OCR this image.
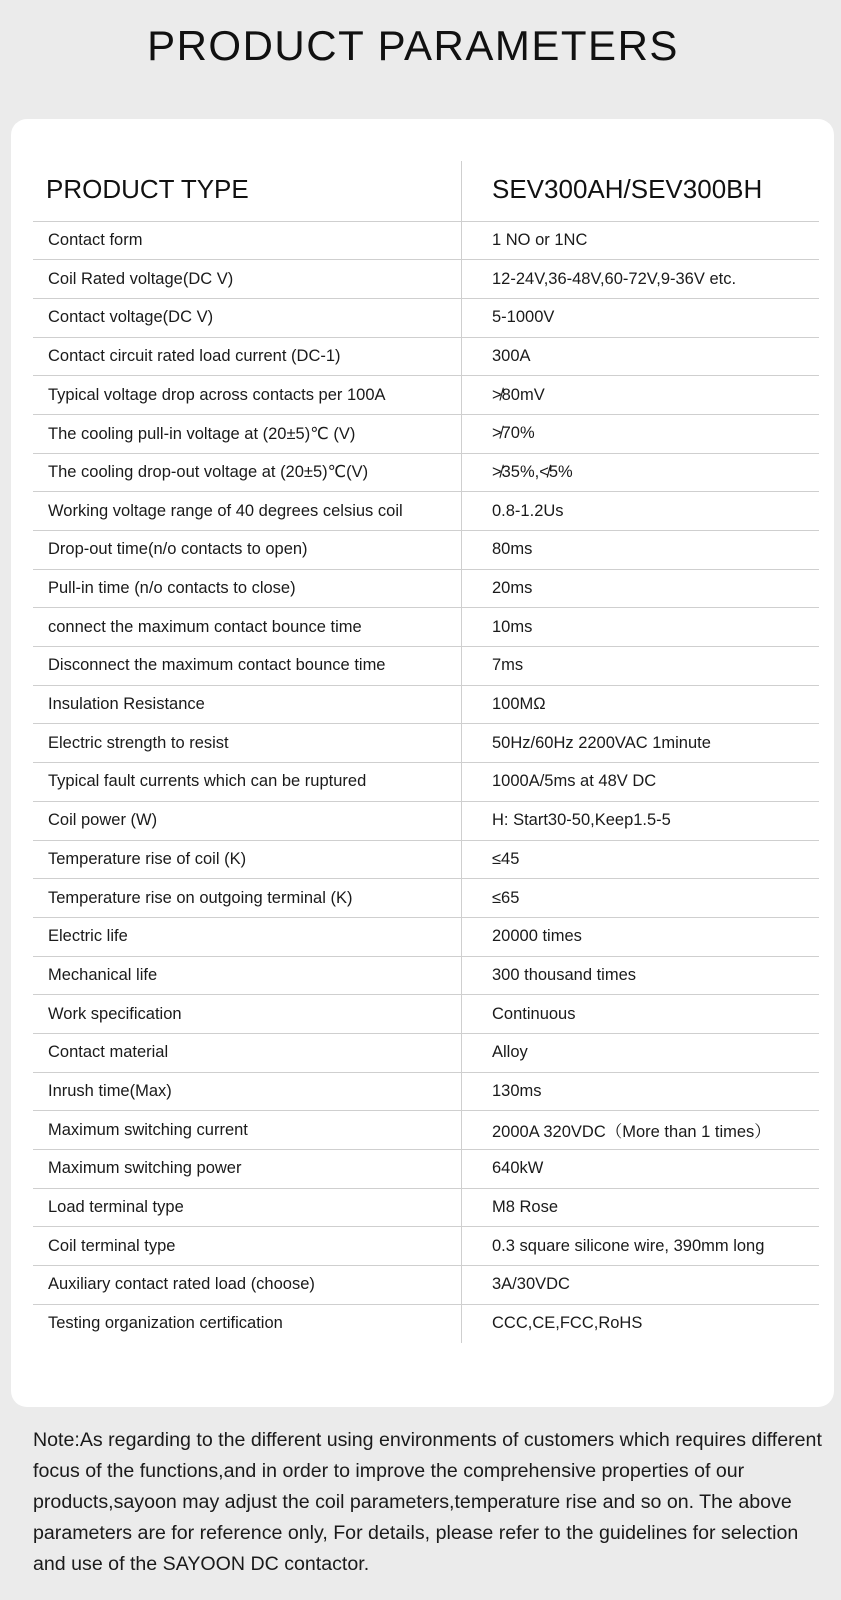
PRODUCT PARAMETERS
PRODUCT TYPE	SEV300AH/SEV300BH
Contact form	1 NO or 1NC
Coil Rated voltage(DC V)	12-24V,36-48V,60-72V,9-36V etc.
Contact voltage(DC V)	5-1000V
Contact circuit rated load current (DC-1)	300A
Typical voltage drop across contacts per 100A	≯80mV
The cooling pull-in voltage at (20±5)℃ (V)	≯70%
The cooling drop-out voltage at (20±5)℃(V)	≯35%,≮5%
Working voltage range of 40 degrees celsius coil	0.8-1.2Us
Drop-out time(n/o contacts to open)	80ms
Pull-in time (n/o contacts to close)	20ms
connect the maximum contact bounce time	10ms
Disconnect the maximum contact bounce time	7ms
Insulation Resistance	100MΩ
Electric strength to resist	50Hz/60Hz 2200VAC 1minute
Typical fault currents which can be ruptured	1000A/5ms at 48V DC
Coil power (W)	H: Start30-50,Keep1.5-5
Temperature rise of coil (K)	≤45
Temperature rise on outgoing terminal (K)	≤65
Electric life	20000 times
Mechanical life	300 thousand times
Work specification	Continuous
Contact material	Alloy
Inrush time(Max)	130ms
Maximum switching current	2000A 320VDC（More than 1 times）
Maximum switching power	640kW
Load terminal type	M8 Rose
Coil terminal type	0.3 square silicone wire, 390mm long
Auxiliary contact rated load (choose)	3A/30VDC
Testing organization certification	CCC,CE,FCC,RoHS

Note:As regarding to the different using environments of customers which requires different focus of the functions,and in order to improve the comprehensive properties of our products,sayoon may adjust the coil parameters,temperature rise and so on. The above parameters are for reference only, For details, please refer to the guidelines for selection and use of the SAYOON DC contactor.
